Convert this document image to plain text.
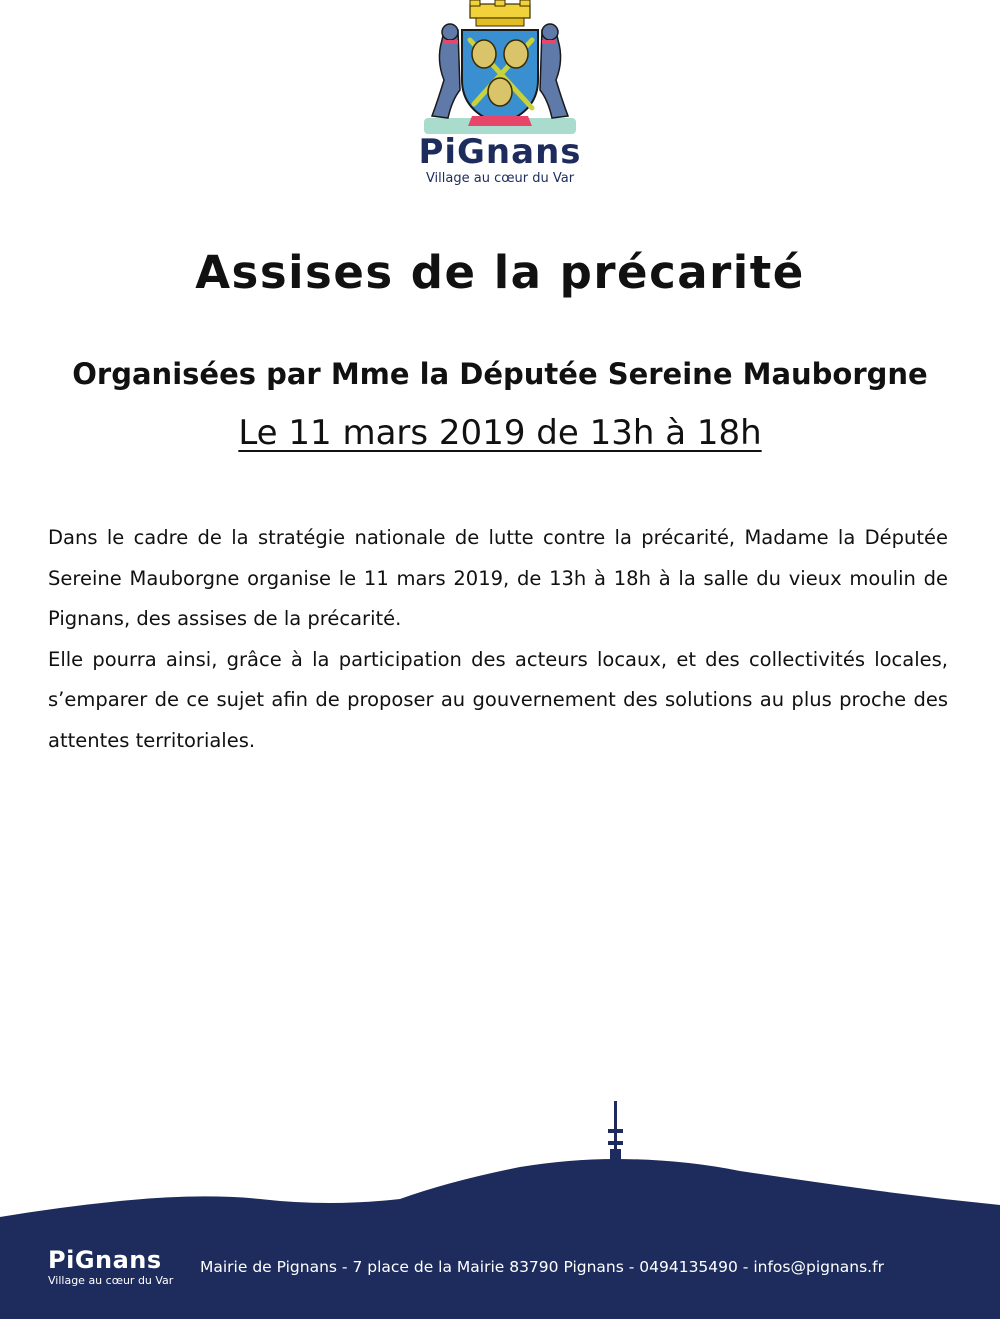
PiGnans
Village au cœur du Var
Assises de la précarité
Organisées par Mme la Députée Sereine Mauborgne
Le 11 mars 2019 de 13h à 18h

Dans le cadre de la stratégie nationale de lutte contre la précarité, Madame la Députée Sereine Mauborgne organise le 11 mars 2019, de 13h à 18h à la salle du vieux moulin de Pignans, des assises de la précarité.

Elle pourra ainsi, grâce à la participation des acteurs locaux, et des collectivités locales, s’emparer de ce sujet afin de proposer au gouvernement des solutions au plus proche des attentes territoriales.

PiGnans
Village au cœur du Var
Mairie de Pignans - 7 place de la Mairie 83790 Pignans - 0494135490 - infos@pignans.fr
